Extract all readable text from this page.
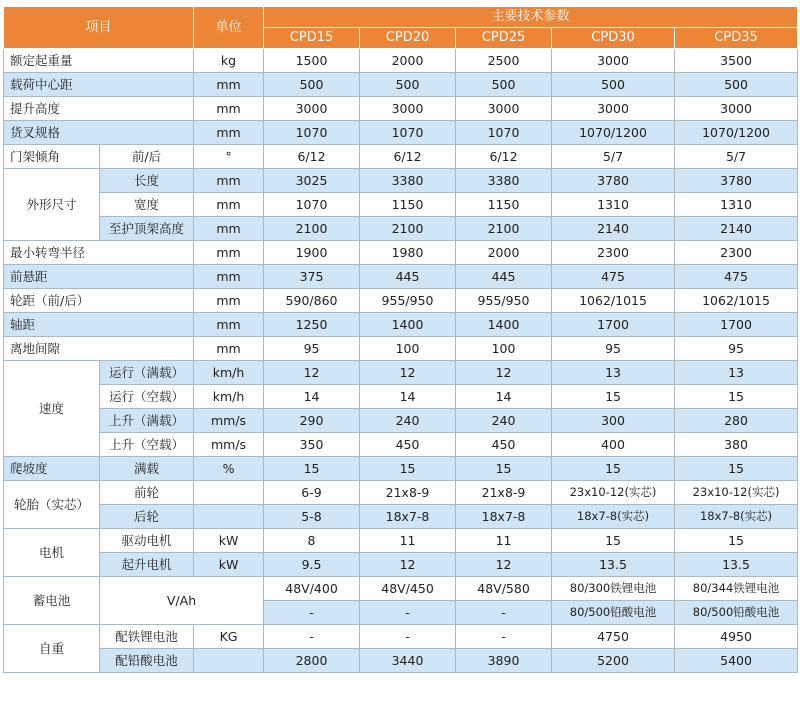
项目		单位	主要技术参数				
			CPD15	CPD20	CPD25	CPD30	CPD35
额定起重量		kg	1500	2000	2500	3000	3500
载荷中心距		mm	500	500	500	500	500
提升高度		mm	3000	3000	3000	3000	3000
货叉规格		mm	1070	1070	1070	1070/1200	1070/1200
门架倾角	前/后	°	6/12	6/12	6/12	5/7	5/7
外形尺寸	长度	mm	3025	3380	3380	3780	3780
	宽度	mm	1070	1150	1150	1310	1310
	至护顶架高度	mm	2100	2100	2100	2140	2140
最小转弯半径		mm	1900	1980	2000	2300	2300
前悬距		mm	375	445	445	475	475
轮距（前/后）		mm	590/860	955/950	955/950	1062/1015	1062/1015
轴距		mm	1250	1400	1400	1700	1700
离地间隙		mm	95	100	100	95	95
速度	运行（满载）	km/h	12	12	12	13	13
	运行（空载）	km/h	14	14	14	15	15
	上升（满载）	mm/s	290	240	240	300	280
	上升（空载）	mm/s	350	450	450	400	380
爬坡度	满载	%	15	15	15	15	15
轮胎（实芯）	前轮		6-9	21x8-9	21x8-9	23x10-12(实芯)	23x10-12(实芯)
	后轮		5-8	18x7-8	18x7-8	18x7-8(实芯)	18x7-8(实芯)
电机	驱动电机	kW	8	11	11	15	15
	起升电机	kW	9.5	12	12	13.5	13.5
蓄电池	V/Ah		48V/400	48V/450	48V/580	80/300铁锂电池	80/344铁锂电池
			-	-	-	80/500铅酸电池	80/500铅酸电池
自重	配铁锂电池	KG	-	-	-	4750	4950
	配铅酸电池		2800	3440	3890	5200	5400
